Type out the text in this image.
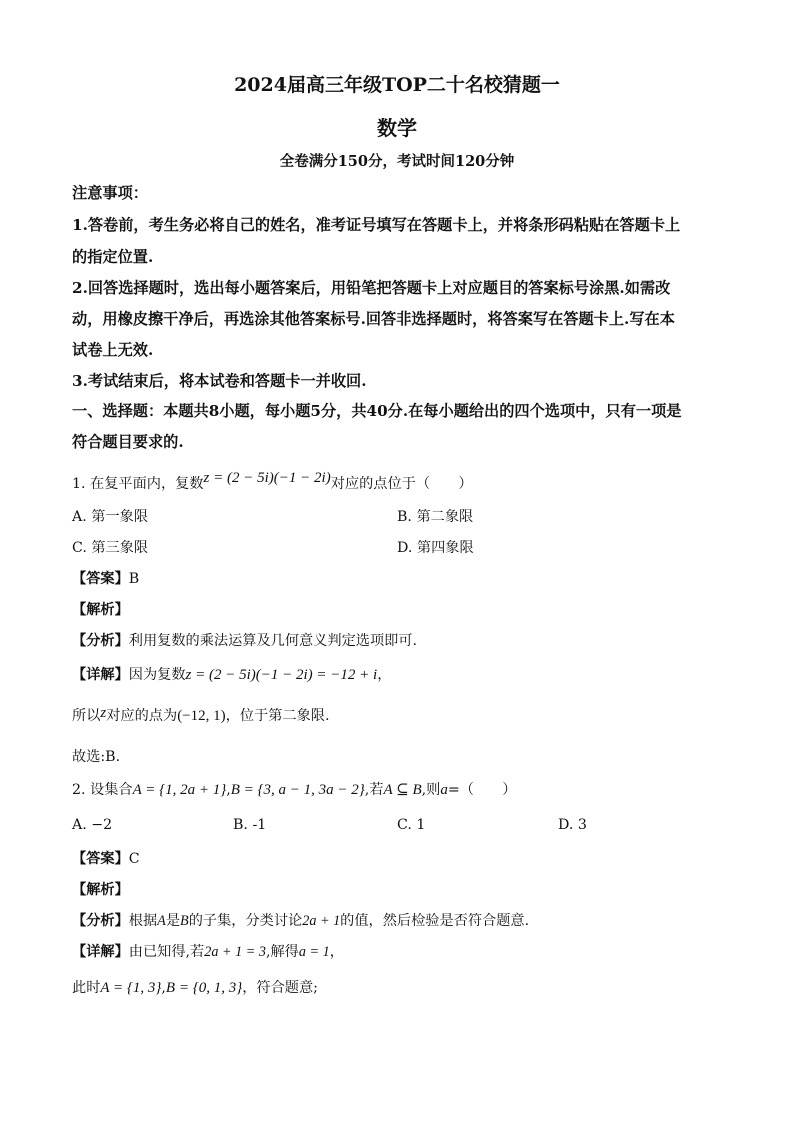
2024届高三年级TOP二十名校猜题一
数学
全卷满分150分，考试时间120分钟
注意事项：
1.答卷前，考生务必将自己的姓名，准考证号填写在答题卡上，并将条形码粘贴在答题卡上
的指定位置.
2.回答选择题时，选出每小题答案后，用铅笔把答题卡上对应题目的答案标号涂黑.如需改
动，用橡皮擦干净后，再选涂其他答案标号.回答非选择题时，将答案写在答题卡上.写在本
试卷上无效.
3.考试结束后，将本试卷和答题卡一并收回.
一、选择题：本题共8小题，每小题5分，共40分.在每小题给出的四个选项中，只有一项是
符合题目要求的.
1. 在复平面内，复数z = (2 − 5i)(−1 − 2i)对应的点位于（　　）
A. 第一象限	B. 第二象限
C. 第三象限	D. 第四象限
【答案】B
【解析】
【分析】利用复数的乘法运算及几何意义判定选项即可.
【详解】因为复数z = (2 − 5i)(−1 − 2i) = −12 + i，
所以z对应的点为(−12, 1)，位于第二象限.
故选:B.
2. 设集合A = {1, 2a + 1},B = {3, a − 1, 3a − 2},若A ⊆ B,则a=（　　）
A. −2	B. -1	C. 1	D. 3
【答案】C
【解析】
【分析】根据A是B的子集，分类讨论2a + 1的值，然后检验是否符合题意.
【详解】由已知得,若2a + 1 = 3,解得a = 1，
此时A = {1, 3},B = {0, 1, 3}，符合题意;
